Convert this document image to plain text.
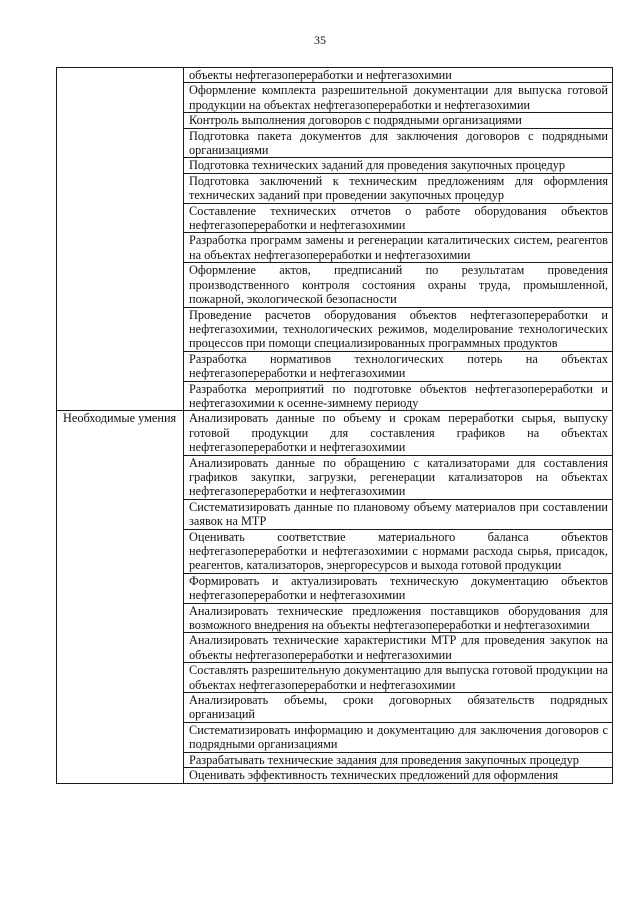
35

	объекты нефтегазопереработки и нефтегазохимии

	Оформление комплекта разрешительной документации для выпуска готовой продукции на объектах нефтегазопереработки и нефтегазохимии

	Контроль выполнения договоров с подрядными организациями

	Подготовка пакета документов для заключения договоров с подрядными организациями

	Подготовка технических заданий для проведения закупочных процедур

	Подготовка заключений к техническим предложениям для оформления технических заданий при проведении закупочных процедур

	Составление технических отчетов о работе оборудования объектов нефтегазопереработки и нефтегазохимии

	Разработка программ замены и регенерации каталитических систем, реагентов на объектах нефтегазопереработки и нефтегазохимии

	Оформление актов, предписаний по результатам проведения производственного контроля состояния охраны труда, промышленной, пожарной, экологической безопасности

	Проведение расчетов оборудования объектов нефтегазопереработки и нефтегазохимии, технологических режимов, моделирование технологических процессов при помощи специализированных программных продуктов

	Разработка нормативов технологических потерь на объектах нефтегазопереработки и нефтегазохимии

	Разработка мероприятий по подготовке объектов нефтегазопереработки и нефтегазохимии к осенне-зимнему периоду

Необходимые умения	Анализировать данные по объему и срокам переработки сырья, выпуску готовой продукции для составления графиков на объектах нефтегазопереработки и нефтегазохимии

	Анализировать данные по обращению с катализаторами для составления графиков закупки, загрузки, регенерации катализаторов на объектах нефтегазопереработки и нефтегазохимии

	Систематизировать данные по плановому объему материалов при составлении заявок на МТР

	Оценивать соответствие материального баланса объектов нефтегазопереработки и нефтегазохимии с нормами расхода сырья, присадок, реагентов, катализаторов, энергоресурсов и выхода готовой продукции

	Формировать и актуализировать техническую документацию объектов нефтегазопереработки и нефтегазохимии

	Анализировать технические предложения поставщиков оборудования для возможного внедрения на объекты нефтегазопереработки и нефтегазохимии

	Анализировать технические характеристики МТР для проведения закупок на объекты нефтегазопереработки и нефтегазохимии

	Составлять разрешительную документацию для выпуска готовой продукции на объектах нефтегазопереработки и нефтегазохимии

	Анализировать объемы, сроки договорных обязательств подрядных организаций

	Систематизировать информацию и документацию для заключения договоров с подрядными организациями

	Разрабатывать технические задания для проведения закупочных процедур

	Оценивать эффективность технических предложений для оформления
